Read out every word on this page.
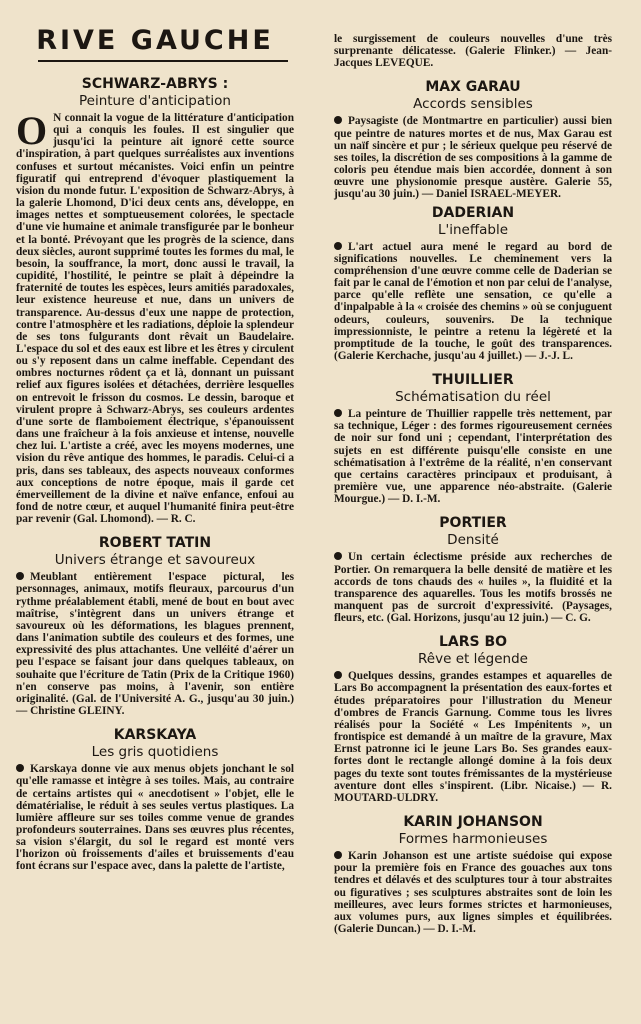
RIVE GAUCHE
SCHWARZ-ABRYS :
Peinture d'anticipation

O N connait la vogue de la littérature d'anticipation qui a conquis les foules. Il est singulier que jusqu'ici la peinture ait ignoré cette source d'inspiration, à part quelques surréalistes aux inventions confuses et surtout mécanistes. Voici enfin un peintre figuratif qui entreprend d'évoquer plastiquement la vision du monde futur. L'exposition de Schwarz-Abrys, à la galerie Lhomond, D'ici deux cents ans, développe, en images nettes et somptueusement colorées, le spectacle d'une vie humaine et animale transfigurée par le bonheur et la bonté. Prévoyant que les progrès de la science, dans deux siècles, auront supprimé toutes les formes du mal, le besoin, la souffrance, la mort, donc aussi le travail, la cupidité, l'hostilité, le peintre se plaît à dépeindre la fraternité de toutes les espèces, leurs amitiés paradoxales, leur existence heureuse et nue, dans un univers de transparence. Au-dessus d'eux une nappe de protection, contre l'atmosphère et les radiations, déploie la splendeur de ses tons fulgurants dont rêvait un Baudelaire. L'espace du sol et des eaux est libre et les êtres y circulent ou s'y reposent dans un calme ineffable. Cependant des ombres nocturnes rôdent ça et là, donnant un puissant relief aux figures isolées et détachées, derrière lesquelles on entrevoit le frisson du cosmos. Le dessin, baroque et virulent propre à Schwarz-Abrys, ses couleurs ardentes d'une sorte de flamboiement électrique, s'épanouissent dans une fraîcheur à la fois anxieuse et intense, nouvelle chez lui. L'artiste a créé, avec les moyens modernes, une vision du rêve antique des hommes, le paradis. Celui-ci a pris, dans ses tableaux, des aspects nouveaux conformes aux conceptions de notre époque, mais il garde cet émerveillement de la divine et naïve enfance, enfoui au fond de notre cœur, et auquel l'humanité finira peut-être par revenir (Gal. Lhomond). — R. C.

ROBERT TATIN
Univers étrange et savoureux

Meublant entièrement l'espace pictural, les personnages, animaux, motifs fleuraux, parcourus d'un rythme préalablement établi, mené de bout en bout avec maîtrise, s'intègrent dans un univers étrange et savoureux où les déformations, les blagues prennent, dans l'animation subtile des couleurs et des formes, une expressivité des plus attachantes. Une velléité d'aérer un peu l'espace se faisant jour dans quelques tableaux, on souhaite que l'écriture de Tatin (Prix de la Critique 1960) n'en conserve pas moins, à l'avenir, son entière originalité. (Gal. de l'Université A. G., jusqu'au 30 juin.) — Christine GLEINY.

KARSKAYA
Les gris quotidiens

Karskaya donne vie aux menus objets jonchant le sol qu'elle ramasse et intègre à ses toiles. Mais, au contraire de certains artistes qui « anecdotisent » l'objet, elle le dématérialise, le réduit à ses seules vertus plastiques. La lumière affleure sur ses toiles comme venue de grandes profondeurs souterraines. Dans ses œuvres plus récentes, sa vision s'élargit, du sol le regard est monté vers l'horizon où froissements d'ailes et bruissements d'eau font écrans sur l'espace avec, dans la palette de l'artiste,

le surgissement de couleurs nouvelles d'une très surprenante délicatesse. (Galerie Flinker.) — Jean-Jacques LEVEQUE.

MAX GARAU
Accords sensibles

Paysagiste (de Montmartre en particulier) aussi bien que peintre de natures mortes et de nus, Max Garau est un naïf sincère et pur ; le sérieux quelque peu réservé de ses toiles, la discrétion de ses compositions à la gamme de coloris peu étendue mais bien accordée, donnent à son œuvre une physionomie presque austère. Galerie 55, jusqu'au 30 juin.) — Daniel ISRAEL-MEYER.

DADERIAN
L'ineffable

L'art actuel aura mené le regard au bord de significations nouvelles. Le cheminement vers la compréhension d'une œuvre comme celle de Daderian se fait par le canal de l'émotion et non par celui de l'analyse, parce qu'elle reflète une sensation, ce qu'elle a d'inpalpable à la « croisée des chemins » où se conjuguent odeurs, couleurs, souvenirs. De la technique impressionniste, le peintre a retenu la légèreté et la promptitude de la touche, le goût des transparences. (Galerie Kerchache, jusqu'au 4 juillet.) — J.-J. L.

THUILLIER
Schématisation du réel

La peinture de Thuillier rappelle très nettement, par sa technique, Léger : des formes rigoureusement cernées de noir sur fond uni ; cependant, l'interprétation des sujets en est différente puisqu'elle consiste en une schématisation à l'extrême de la réalité, n'en conservant que certains caractères principaux et produisant, à première vue, une apparence néo-abstraite. (Galerie Mourgue.) — D. I.-M.

PORTIER
Densité

Un certain éclectisme préside aux recherches de Portier. On remarquera la belle densité de matière et les accords de tons chauds des « huiles », la fluidité et la transparence des aquarelles. Tous les motifs brossés ne manquent pas de surcroit d'expressivité. (Paysages, fleurs, etc. (Gal. Horizons, jusqu'au 12 juin.) — C. G.

LARS BO
Rêve et légende

Quelques dessins, grandes estampes et aquarelles de Lars Bo accompagnent la présentation des eaux-fortes et études préparatoires pour l'illustration du Meneur d'ombres de Francis Garnung. Comme tous les livres réalisés pour la Société « Les Impénitents », un frontispice est demandé à un maître de la gravure, Max Ernst patronne ici le jeune Lars Bo. Ses grandes eaux-fortes dont le rectangle allongé domine à la fois deux pages du texte sont toutes frémissantes de la mystérieuse aventure dont elles s'inspirent. (Libr. Nicaise.) — R. MOUTARD-ULDRY.

KARIN JOHANSON
Formes harmonieuses

Karin Johanson est une artiste suédoise qui expose pour la première fois en France des gouaches aux tons tendres et délavés et des sculptures tour à tour abstraites ou figuratives ; ses sculptures abstraites sont de loin les meilleures, avec leurs formes strictes et harmonieuses, aux volumes purs, aux lignes simples et équilibrées. (Galerie Duncan.) — D. I.-M.
